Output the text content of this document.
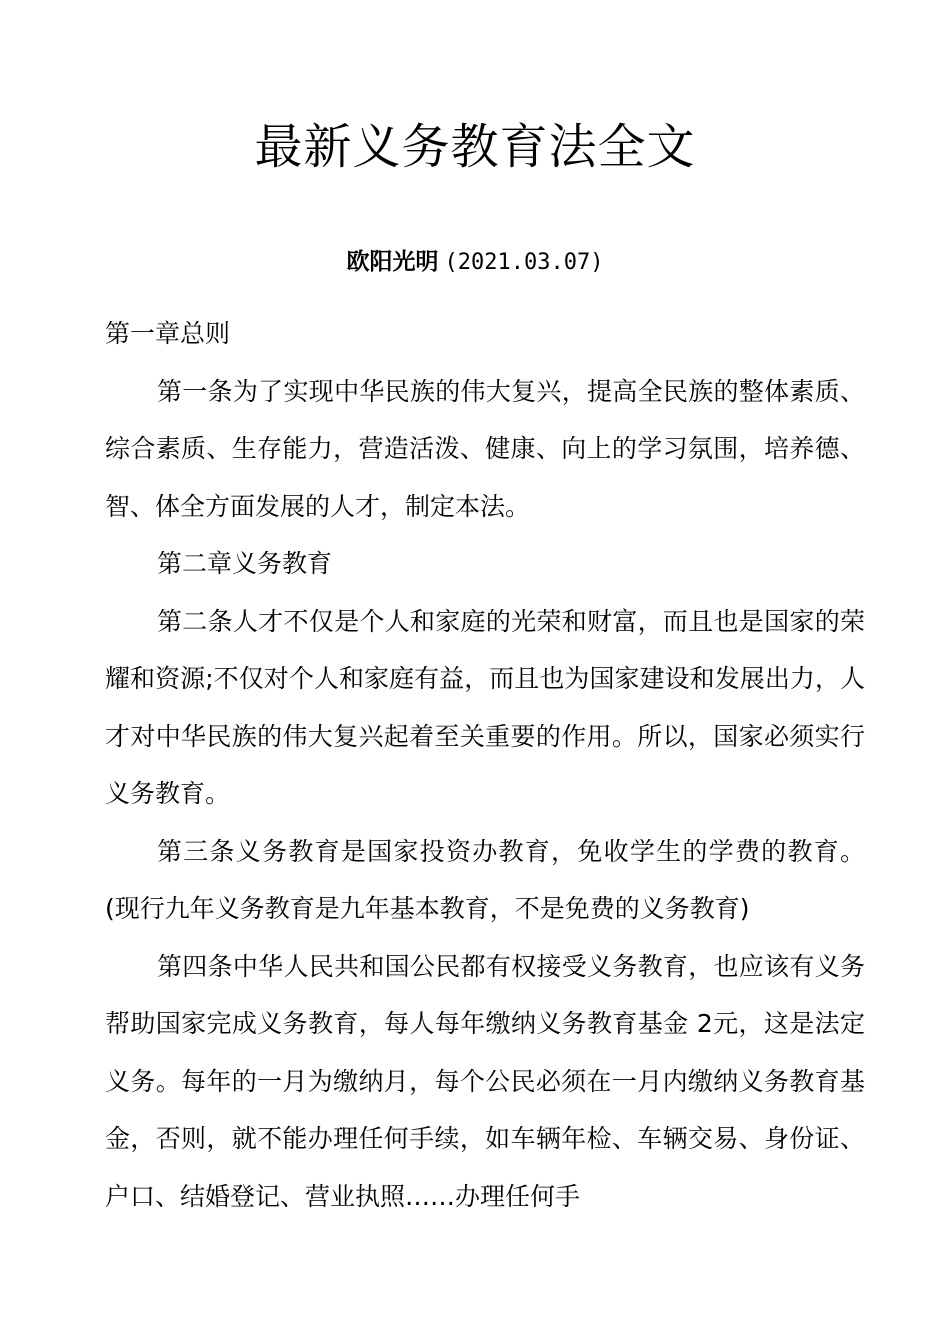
最新义务教育法全文
欧阳光明 (2021.03.07)

第一章总则

第一条为了实现中华民族的伟大复兴，提高全民族的整体素质、综合素质、生存能力，营造活泼、健康、向上的学习氛围，培养德、智、体全方面发展的人才，制定本法。

第二章义务教育

第二条人才不仅是个人和家庭的光荣和财富，而且也是国家的荣耀和资源;不仅对个人和家庭有益，而且也为国家建设和发展出力，人才对中华民族的伟大复兴起着至关重要的作用。所以，国家必须实行义务教育。

第三条义务教育是国家投资办教育，免收学生的学费的教育。(现行九年义务教育是九年基本教育，不是免费的义务教育)

第四条中华人民共和国公民都有权接受义务教育，也应该有义务帮助国家完成义务教育，每人每年缴纳义务教育基金 2元，这是法定义务。每年的一月为缴纳月，每个公民必须在一月内缴纳义务教育基金，否则，就不能办理任何手续，如车辆年检、车辆交易、身份证、户口、结婚登记、营业执照……办理任何手
